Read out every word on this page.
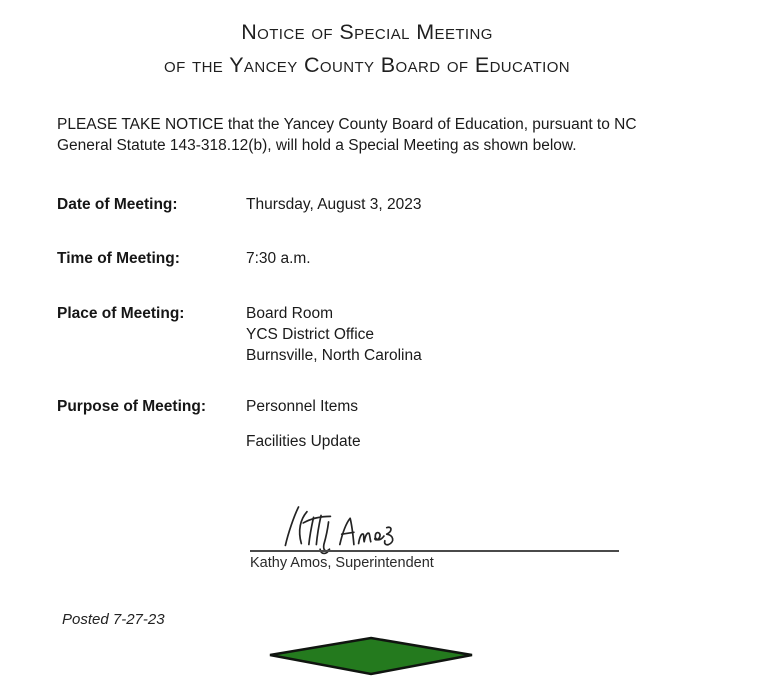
Notice of Special Meeting
of the Yancey County Board of Education

PLEASE TAKE NOTICE that the Yancey County Board of Education, pursuant to NC General Statute 143-318.12(b), will hold a Special Meeting as shown below.

Date of Meeting:	Thursday, August 3, 2023
Time of Meeting:	7:30 a.m.
Place of Meeting:	Board Room
YCS District Office
Burnsville, North Carolina
Purpose of Meeting:	Personnel Items
Facilities Update
Kathy Amos, Superintendent
Posted 7-27-23
